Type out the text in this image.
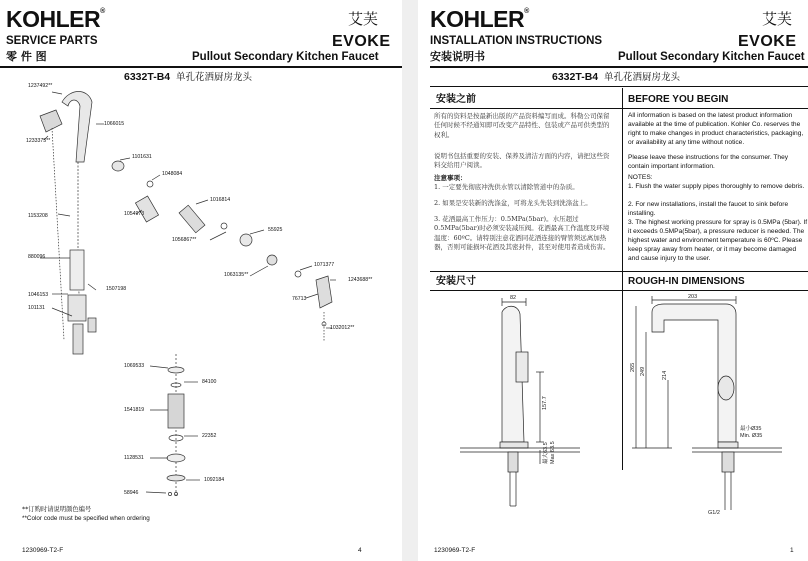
KOHLER®
SERVICE PARTS
零 件 图
艾芙
EVOKE
Pullout Secondary Kitchen Faucet
6332T-B4 单孔花洒厨房龙头
1237492**
1233375**
1066015
1101631
1048084
1054973
1016814
1153208
55925
1056867**
880096
1063135**
1071377
1507198
1243688**
1046153
76713
101131
1032012**
1069533
84100
1541819
22352
1128531
1092184
58946
**订购时请说明颜色编号
**Color code must be specified when ordering
1230969-T2-F	4
KOHLER®
INSTALLATION INSTRUCTIONS
安装说明书
艾芙
EVOKE
Pullout Secondary Kitchen Faucet
6332T-B4 单孔花洒厨房龙头
安装之前	BEFORE YOU BEGIN
所有的资料是按最新出版的产品资料编写而成。科勒公司保留任何时候不经通知即可改变产品特性、包装或产品可供类型的权利。
说明书包括重要的安装、保养及清洁方面的内容，请把这些资料交给用户阅读。
注意事项：
1. 一定要先彻底冲洗供水管以清除管道中的杂质。
2. 如果是安装新的洗涤盆，可将龙头先装到洗涤盆上。
3. 花洒最高工作压力：0.5MPa(5bar)。水压超过0.5MPa(5bar)时必须安装减压阀。花洒最高工作温度及环境温度：60ºC。请特别注意花洒同花洒连接的臂管须远离加热器，否则可能损坏花洒及其密封件，甚至对使用者造成伤害。
All information is based on the latest product information available at the time of publication. Kohler Co. reserves the right to make changes in product characteristics, packaging, or availability at any time without notice.
Please leave these instructions for the consumer. They contain important information.
NOTES:
1. Flush the water supply pipes thoroughly to remove debris.
2. For new installations, install the faucet to sink before installing.
3. The highest working pressure for spray is 0.5MPa (5bar). If it exceeds 0.5MPa(5bar), a pressure reducer is needed. The highest water and environment temperature is 60ºC. Please keep spray away from heater, or it may become damaged and cause injury to the user.
安装尺寸	ROUGH-IN DIMENSIONS
82
157.7
最大63.5 Max 63.5
203
265 249	214
最小Ø35
Min. Ø35
G1/2
1230969-T2-F	1
